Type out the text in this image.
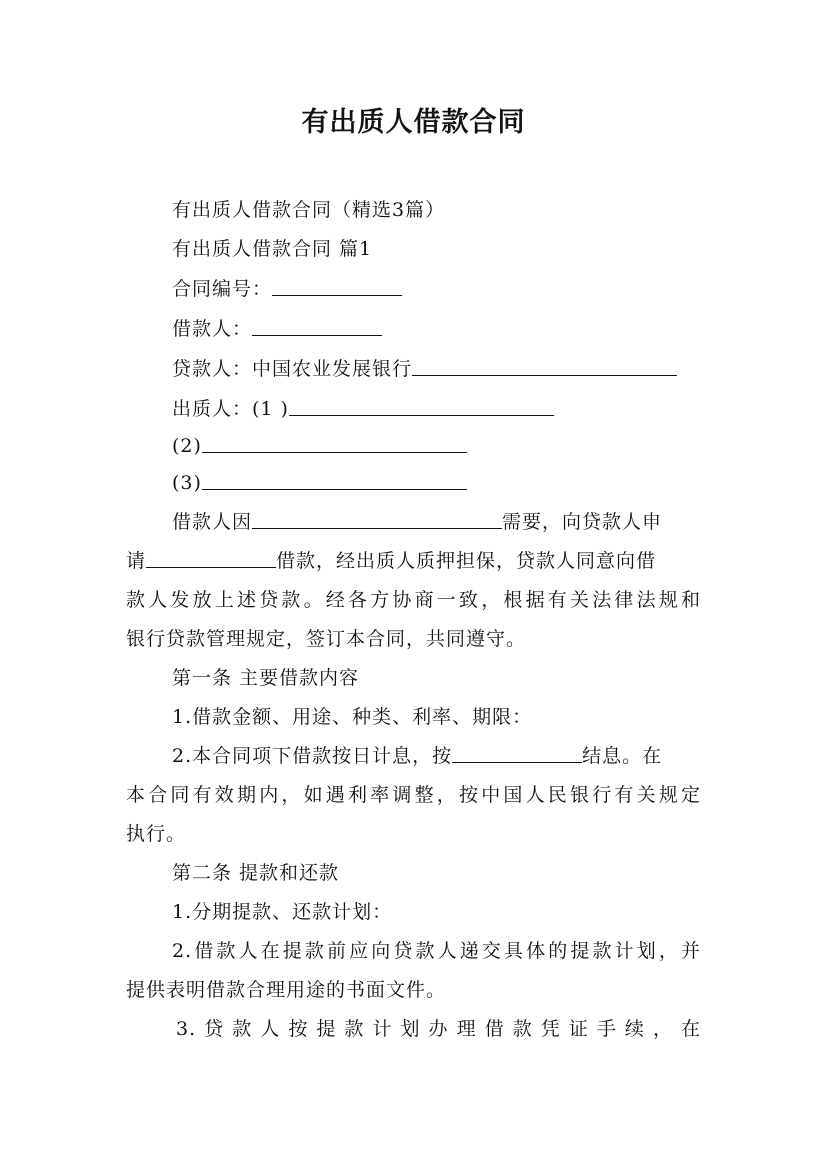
有出质人借款合同
有出质人借款合同（精选3篇）
有出质人借款合同 篇1
合同编号：
借款人：
贷款人：中国农业发展银行
出质人：(1 )
(2)
(3)
借款人因	需要，向贷款人申
请	借款，经出质人质押担保，贷款人同意向借
款人发放上述贷款。经各方协商一致，根据有关法律法规和
银行贷款管理规定，签订本合同，共同遵守。
第一条 主要借款内容
1.借款金额、用途、种类、利率、期限：
2.本合同项下借款按日计息，按	结息。在
本合同有效期内，如遇利率调整，按中国人民银行有关规定
执行。
第二条 提款和还款
1.分期提款、还款计划：
2.借款人在提款前应向贷款人递交具体的提款计划，并
提供表明借款合理用途的书面文件。
3.贷款人按提款计划办理借款凭证手续，在
